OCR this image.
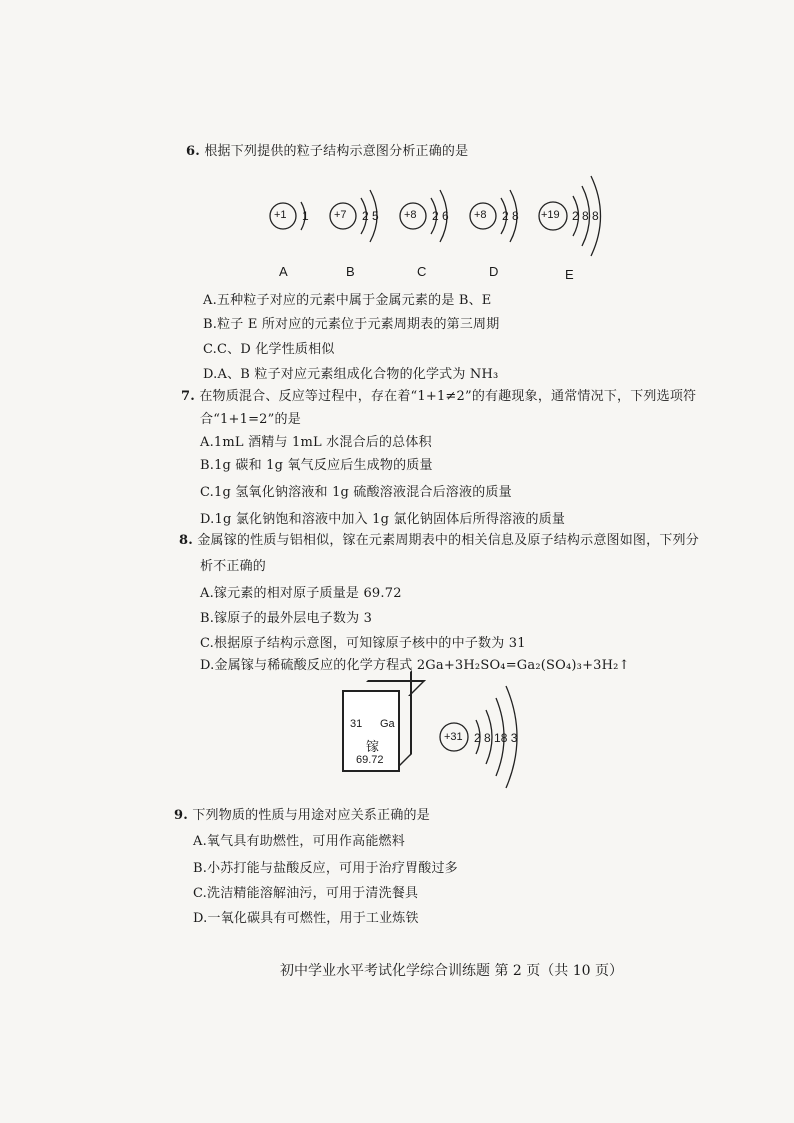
6. 根据下列提供的粒子结构示意图分析正确的是
+1 1 +7 2 5 +8 2 6 +8 2 8 +19 2 8 8
A	B	C	D	E
A.五种粒子对应的元素中属于金属元素的是 B、E
B.粒子 E 所对应的元素位于元素周期表的第三周期
C.C、D 化学性质相似
D.A、B 粒子对应元素组成化合物的化学式为 NH₃
7. 在物质混合、反应等过程中，存在着“1+1≠2”的有趣现象，通常情况下，下列选项符
合“1+1=2”的是
A.1mL 酒精与 1mL 水混合后的总体积
B.1g 碳和 1g 氧气反应后生成物的质量
C.1g 氢氧化钠溶液和 1g 硫酸溶液混合后溶液的质量
D.1g 氯化钠饱和溶液中加入 1g 氯化钠固体后所得溶液的质量
8. 金属镓的性质与铝相似，镓在元素周期表中的相关信息及原子结构示意图如图，下列分
析不正确的
A.镓元素的相对原子质量是 69.72
B.镓原子的最外层电子数为 3
C.根据原子结构示意图，可知镓原子核中的中子数为 31
D.金属镓与稀硫酸反应的化学方程式 2Ga+3H₂SO₄=Ga₂(SO₄)₃+3H₂↑
31 Ga
镓
69.72
+31 2 8 18 3
9. 下列物质的性质与用途对应关系正确的是
A.氧气具有助燃性，可用作高能燃料
B.小苏打能与盐酸反应，可用于治疗胃酸过多
C.洗洁精能溶解油污，可用于清洗餐具
D.一氧化碳具有可燃性，用于工业炼铁
初中学业水平考试化学综合训练题 第 2 页（共 10 页）
